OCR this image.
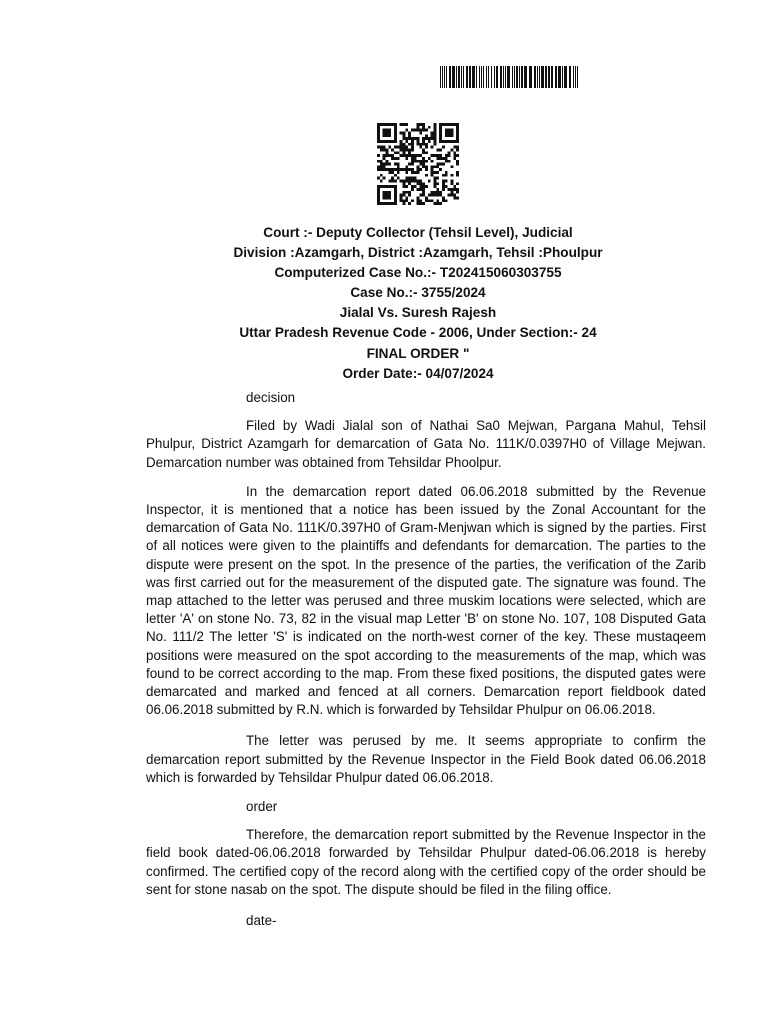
Court :- Deputy Collector (Tehsil Level), Judicial
Division :Azamgarh, District :Azamgarh, Tehsil :Phoulpur
Computerized Case No.:- T202415060303755
Case No.:- 3755/2024
Jialal Vs. Suresh Rajesh
Uttar Pradesh Revenue Code - 2006, Under Section:- 24
FINAL ORDER "
Order Date:- 04/07/2024

decision

Filed by Wadi Jialal son of Nathai Sa0 Mejwan, Pargana Mahul, Tehsil Phulpur, District Azamgarh for demarcation of Gata No. 111K/0.0397H0 of Village Mejwan. Demarcation number was obtained from Tehsildar Phoolpur.

In the demarcation report dated 06.06.2018 submitted by the Revenue Inspector, it is mentioned that a notice has been issued by the Zonal Accountant for the demarcation of Gata No. 111K/0.397H0 of Gram-Menjwan which is signed by the parties. First of all notices were given to the plaintiffs and defendants for demarcation. The parties to the dispute were present on the spot. In the presence of the parties, the verification of the Zarib was first carried out for the measurement of the disputed gate. The signature was found. The map attached to the letter was perused and three muskim locations were selected, which are letter 'A' on stone No. 73, 82 in the visual map Letter 'B' on stone No. 107, 108 Disputed Gata No. 111/2 The letter 'S' is indicated on the north-west corner of the key. These mustaqeem positions were measured on the spot according to the measurements of the map, which was found to be correct according to the map. From these fixed positions, the disputed gates were demarcated and marked and fenced at all corners. Demarcation report fieldbook dated 06.06.2018 submitted by R.N. which is forwarded by Tehsildar Phulpur on 06.06.2018.

The letter was perused by me. It seems appropriate to confirm the demarcation report submitted by the Revenue Inspector in the Field Book dated 06.06.2018 which is forwarded by Tehsildar Phulpur dated 06.06.2018.

order

Therefore, the demarcation report submitted by the Revenue Inspector in the field book dated-06.06.2018 forwarded by Tehsildar Phulpur dated-06.06.2018 is hereby confirmed. The certified copy of the record along with the certified copy of the order should be sent for stone nasab on the spot. The dispute should be filed in the filing office.

date-
